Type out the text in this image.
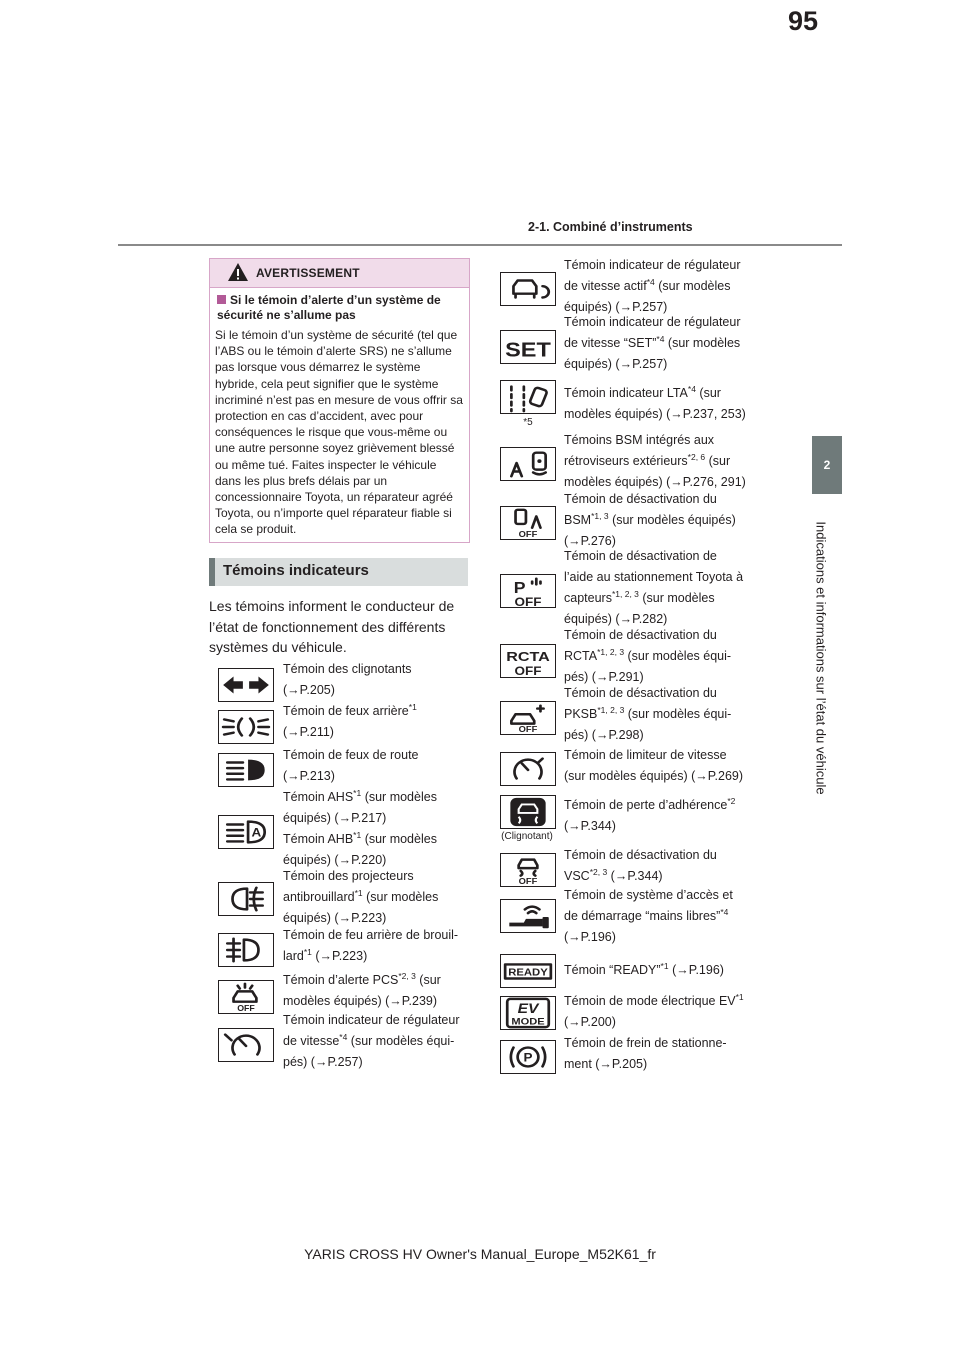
95
2-1. Combiné d’instruments
2
Indications et informations sur l’état du véhicule
AVERTISSEMENT
Si le témoin d’alerte d’un système de sécurité ne s’allume pas
Si le témoin d’un système de sécurité (tel que l’ABS ou le témoin d’alerte SRS) ne s’allume pas lorsque vous démarrez le système hybride, cela peut signifier que le système incriminé n’est pas en mesure de vous offrir sa protection en cas d’accident, avec pour conséquences le risque que vous-même ou une autre personne soyez grièvement blessé ou même tué. Faites inspecter le véhicule dans les plus brefs délais par un concessionnaire Toyota, un réparateur agréé Toyota, ou n’importe quel réparateur fiable si cela se produit.
Témoins indicateurs
Les témoins informent le conducteur de l’état de fonctionnement des différents systèmes du véhicule.
Témoin des clignotants
(→P.205)
Témoin de feux arrière$^{*1}$
(→P.211)
Témoin de feux de route
(→P.213)
A
Témoin AHS$^{*1}$ (sur modèles
équipés) (→P.217)
Témoin AHB$^{*1}$ (sur modèles
équipés) (→P.220)
Témoin des projecteurs
antibrouillard$^{*1}$ (sur modèles
équipés) (→P.223)
Témoin de feu arrière de brouil-
lard$^{*1}$ (→P.223)
OFF
Témoin d’alerte PCS$^{*2, 3}$ (sur
modèles équipés) (→P.239)
Témoin indicateur de régulateur
de vitesse$^{*4}$ (sur modèles équi-
pés) (→P.257)
Témoin indicateur de régulateur
de vitesse actif$^{*4}$ (sur modèles
équipés) (→P.257)
SET
Témoin indicateur de régulateur
de vitesse “SET”$^{*4}$ (sur modèles
équipés) (→P.257)
*5
Témoin indicateur LTA$^{*4}$ (sur
modèles équipés) (→P.237, 253)
Témoins BSM intégrés aux
rétroviseurs extérieurs$^{*2, 6}$ (sur
modèles équipés) (→P.276, 291)
OFF
Témoin de désactivation du
BSM$^{*1, 3}$ (sur modèles équipés)
(→P.276)
P
OFF
Témoin de désactivation de
l’aide au stationnement Toyota à
capteurs$^{*1, 2, 3}$ (sur modèles
équipés) (→P.282)
RCTA
OFF
Témoin de désactivation du
RCTA$^{*1, 2, 3}$ (sur modèles équi-
pés) (→P.291)
OFF
Témoin de désactivation du
PKSB$^{*1, 2, 3}$ (sur modèles équi-
pés) (→P.298)
Témoin de limiteur de vitesse
(sur modèles équipés) (→P.269)
(Clignotant)
Témoin de perte d’adhérence$^{*2}$
(→P.344)
OFF
Témoin de désactivation du
VSC$^{*2, 3}$ (→P.344)
Témoin de système d’accès et
de démarrage “mains libres”$^{*4}$
(→P.196)
READY Témoin “READY”$^{*1}$ (→P.196)
EV
MODE
Témoin de mode électrique EV$^{*1}$
(→P.200)
P
Témoin de frein de stationne-
ment (→P.205)
YARIS CROSS HV Owner's Manual_Europe_M52K61_fr
